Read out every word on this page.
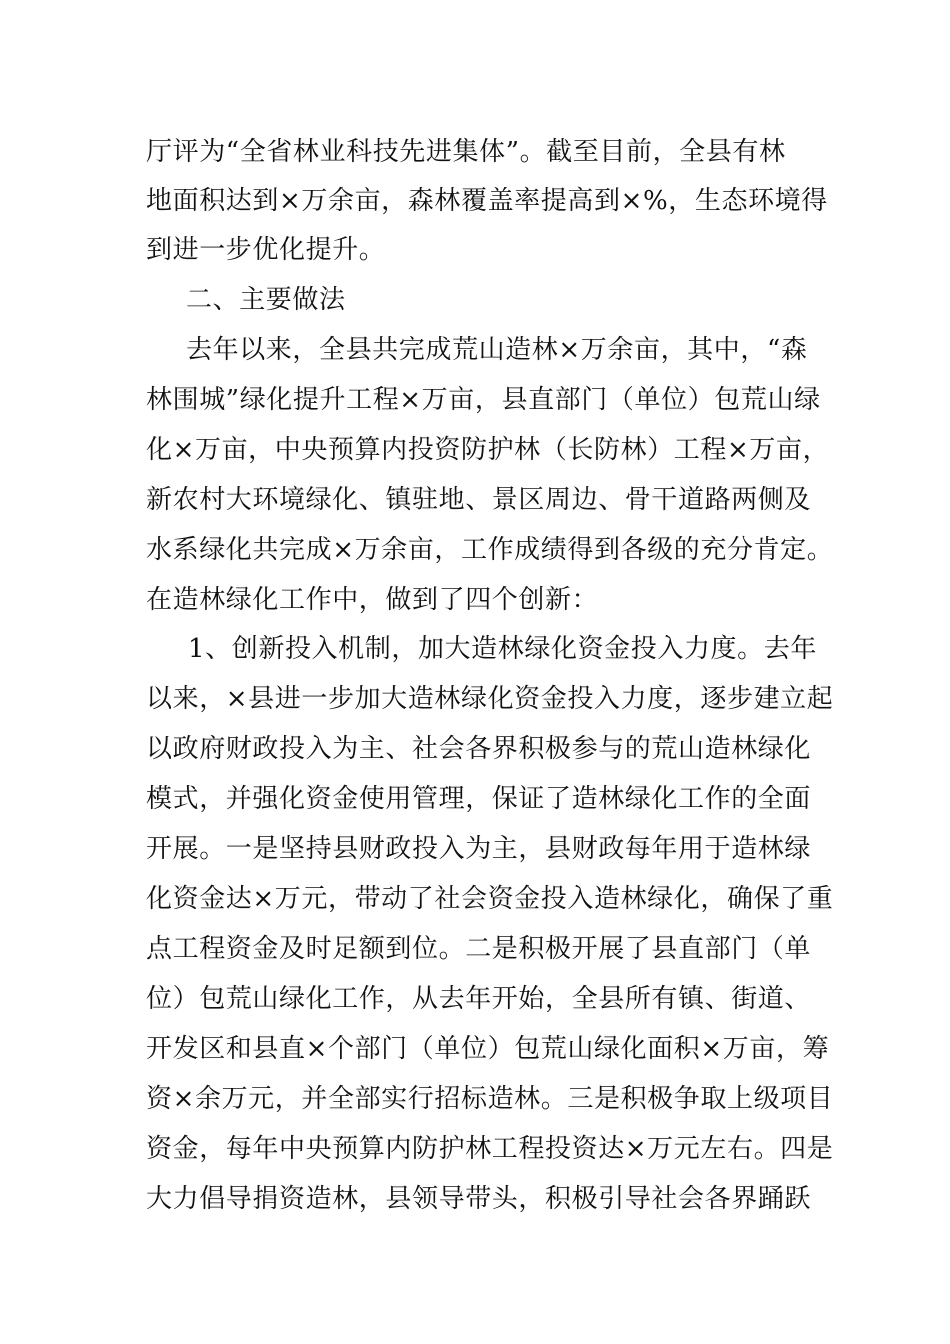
厅评为“全省林业科技先进集体”。截至目前，全县有林
地面积达到×万余亩，森林覆盖率提高到×%，生态环境得
到进一步优化提升。
二、主要做法
去年以来，全县共完成荒山造林×万余亩，其中，“森
林围城”绿化提升工程×万亩，县直部门（单位）包荒山绿
化×万亩，中央预算内投资防护林（长防林）工程×万亩，
新农村大环境绿化、镇驻地、景区周边、骨干道路两侧及
水系绿化共完成×万余亩，工作成绩得到各级的充分肯定。
在造林绿化工作中，做到了四个创新：
1、创新投入机制，加大造林绿化资金投入力度。去年
以来，×县进一步加大造林绿化资金投入力度，逐步建立起
以政府财政投入为主、社会各界积极参与的荒山造林绿化
模式，并强化资金使用管理，保证了造林绿化工作的全面
开展。一是坚持县财政投入为主，县财政每年用于造林绿
化资金达×万元，带动了社会资金投入造林绿化，确保了重
点工程资金及时足额到位。二是积极开展了县直部门（单
位）包荒山绿化工作，从去年开始，全县所有镇、街道、
开发区和县直×个部门（单位）包荒山绿化面积×万亩，筹
资×余万元，并全部实行招标造林。三是积极争取上级项目
资金，每年中央预算内防护林工程投资达×万元左右。四是
大力倡导捐资造林，县领导带头，积极引导社会各界踊跃
